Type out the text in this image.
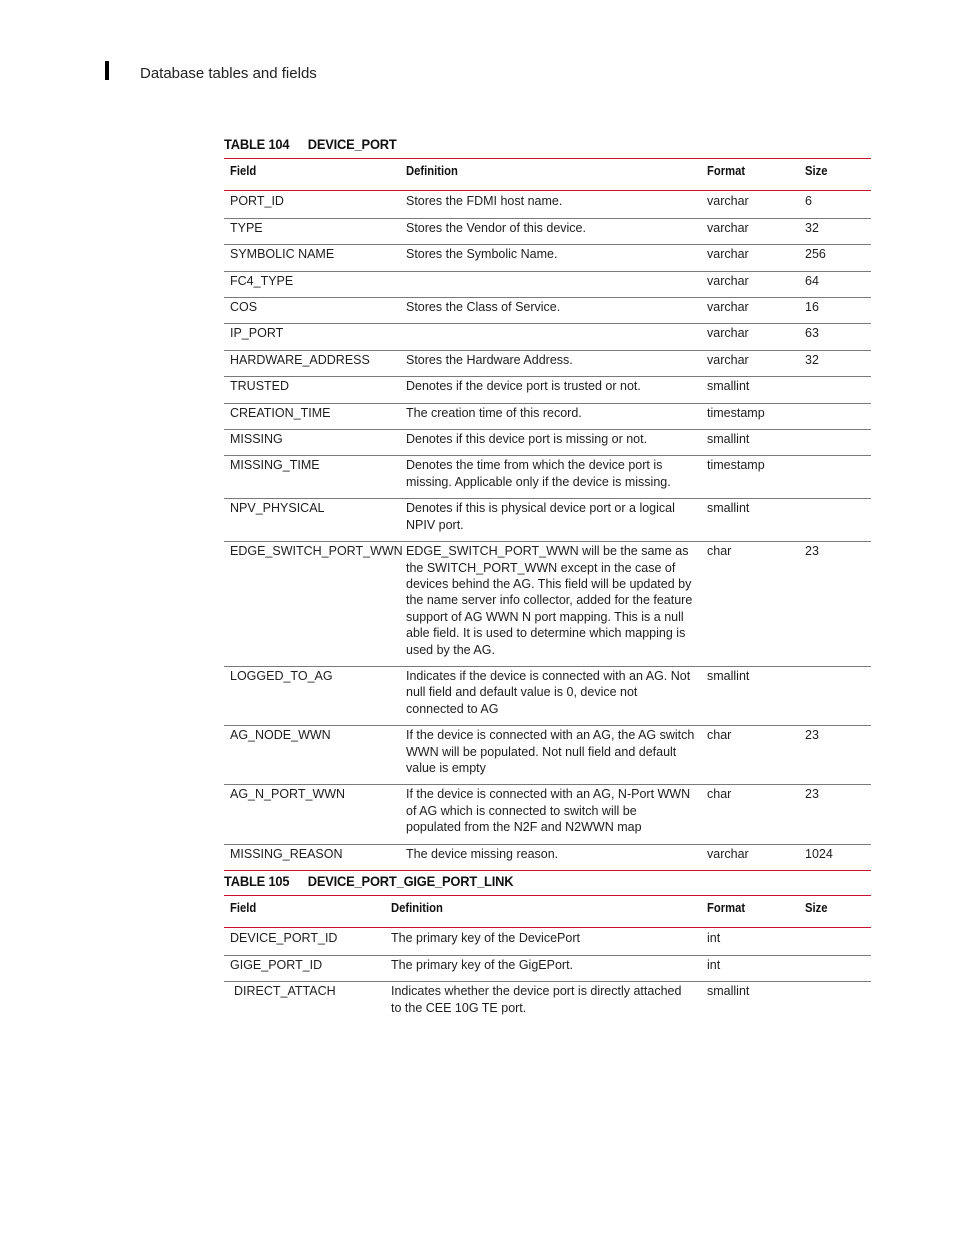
Database tables and fields
TABLE 104	DEVICE_PORT
Field	Definition	Format	Size
PORT_ID	Stores the FDMI host name.	varchar	6
TYPE	Stores the Vendor of this device.	varchar	32
SYMBOLIC NAME	Stores the Symbolic Name.	varchar	256
FC4_TYPE		varchar	64
COS	Stores the Class of Service.	varchar	16
IP_PORT		varchar	63
HARDWARE_ADDRESS	Stores the Hardware Address.	varchar	32
TRUSTED	Denotes if the device port is trusted or not.	smallint	
CREATION_TIME	The creation time of this record.	timestamp	
MISSING	Denotes if this device port is missing or not.	smallint	
MISSING_TIME	Denotes the time from which the device port is missing. Applicable only if the device is missing.	timestamp	
NPV_PHYSICAL	Denotes if this is physical device port or a logical NPIV port.	smallint	
EDGE_SWITCH_PORT_WWN	EDGE_SWITCH_PORT_WWN will be the same as the SWITCH_PORT_WWN except in the case of devices behind the AG. This field will be updated by the name server info collector, added for the feature support of AG WWN N port mapping. This is a null able field. It is used to determine which mapping is used by the AG.	char	23
LOGGED_TO_AG	Indicates if the device is connected with an AG. Not null field and default value is 0, device not connected to AG	smallint	
AG_NODE_WWN	If the device is connected with an AG, the AG switch WWN will be populated. Not null field and default value is empty	char	23
AG_N_PORT_WWN	If the device is connected with an AG, N-Port WWN of AG which is connected to switch will be populated from the N2F and N2WWN map	char	23
MISSING_REASON	The device missing reason.	varchar	1024
TABLE 105	DEVICE_PORT_GIGE_PORT_LINK
Field	Definition	Format	Size
DEVICE_PORT_ID	The primary key of the DevicePort	int	
GIGE_PORT_ID	The primary key of the GigEPort.	int	
DIRECT_ATTACH	Indicates whether the device port is directly attached to the CEE 10G TE port.	smallint	
